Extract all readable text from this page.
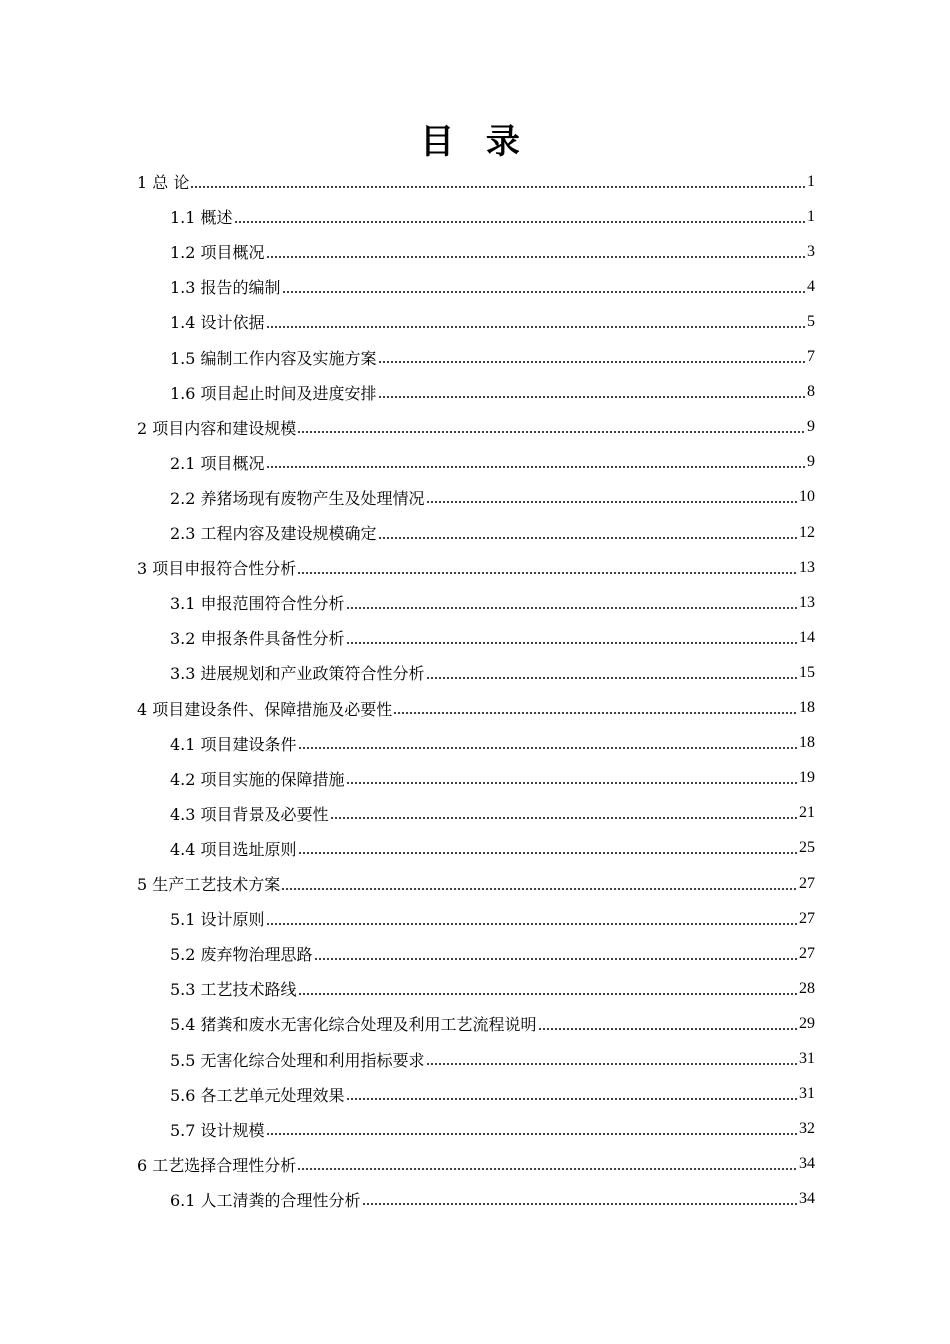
目 录
1 总 论	1
1.1 概述	1
1.2 项目概况	3
1.3 报告的编制	4
1.4 设计依据	5
1.5 编制工作内容及实施方案	7
1.6 项目起止时间及进度安排	8
2 项目内容和建设规模	9
2.1 项目概况	9
2.2 养猪场现有废物产生及处理情况	10
2.3 工程内容及建设规模确定	12
3 项目申报符合性分析	13
3.1 申报范围符合性分析	13
3.2 申报条件具备性分析	14
3.3 进展规划和产业政策符合性分析	15
4 项目建设条件、保障措施及必要性	18
4.1 项目建设条件	18
4.2 项目实施的保障措施	19
4.3 项目背景及必要性	21
4.4 项目选址原则	25
5 生产工艺技术方案	27
5.1 设计原则	27
5.2 废弃物治理思路	27
5.3 工艺技术路线	28
5.4 猪粪和废水无害化综合处理及利用工艺流程说明	29
5.5 无害化综合处理和利用指标要求	31
5.6 各工艺单元处理效果	31
5.7 设计规模	32
6 工艺选择合理性分析	34
6.1 人工清粪的合理性分析	34
